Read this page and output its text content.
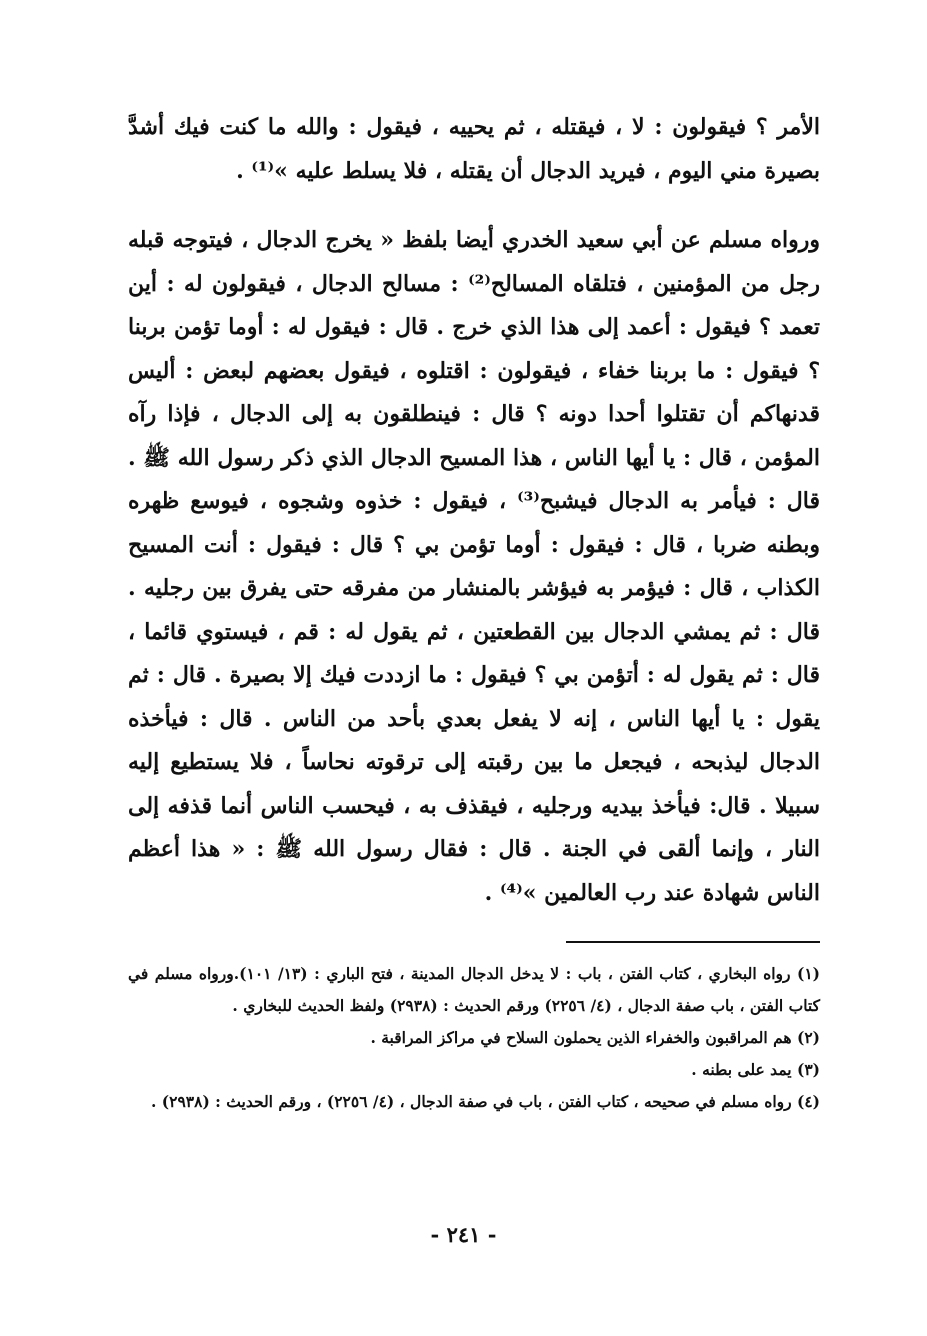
الأمر ؟ فيقولون : لا ، فيقتله ، ثم يحييه ، فيقول : والله ما كنت فيك أشدَّ بصيرة مني اليوم ، فيريد الدجال أن يقتله ، فلا يسلط عليه »⁽¹⁾ .

ورواه مسلم عن أبي سعيد الخدري أيضا بلفظ « يخرج الدجال ، فيتوجه قبله رجل من المؤمنين ، فتلقاه المسالح⁽²⁾ : مسالح الدجال ، فيقولون له : أين تعمد ؟ فيقول : أعمد إلى هذا الذي خرج . قال : فيقول له : أوما تؤمن بربنا ؟ فيقول : ما بربنا خفاء ، فيقولون : اقتلوه ، فيقول بعضهم لبعض : أليس قدنهاكم أن تقتلوا أحدا دونه ؟ قال : فينطلقون به إلى الدجال ، فإذا رآه المؤمن ، قال : يا أيها الناس ، هذا المسيح الدجال الذي ذكر رسول الله ﷺ . قال : فيأمر به الدجال فيشبح⁽³⁾ ، فيقول : خذوه وشجوه ، فيوسع ظهره وبطنه ضربا ، قال : فيقول : أوما تؤمن بي ؟ قال : فيقول : أنت المسيح الكذاب ، قال : فيؤمر به فيؤشر بالمنشار من مفرقه حتى يفرق بين رجليه . قال : ثم يمشي الدجال بين القطعتين ، ثم يقول له : قم ، فيستوي قائما ، قال : ثم يقول له : أتؤمن بي ؟ فيقول : ما ازددت فيك إلا بصيرة . قال : ثم يقول : يا أيها الناس ، إنه لا يفعل بعدي بأحد من الناس . قال : فيأخذه الدجال ليذبحه ، فيجعل ما بين رقبته إلى ترقوته نحاساً ، فلا يستطيع إليه سبيلا . قال: فيأخذ بيديه ورجليه ، فيقذف به ، فيحسب الناس أنما قذفه إلى النار ، وإنما ألقى في الجنة . قال : فقال رسول الله ﷺ : « هذا أعظم الناس شهادة عند رب العالمين »⁽⁴⁾ .

(١) رواه البخاري ، كتاب الفتن ، باب : لا يدخل الدجال المدينة ، فتح الباري : (١٣/ ١٠١).ورواه مسلم في كتاب الفتن ، باب صفة الدجال ، (٤/ ٢٢٥٦) ورقم الحديث : (٢٩٣٨) ولفظ الحديث للبخاري .

(٢) هم المراقبون والخفراء الذين يحملون السلاح في مراكز المراقبة .

(٣) يمد على بطنه .

(٤) رواه مسلم في صحيحه ، كتاب الفتن ، باب في صفة الدجال ، (٤/ ٢٢٥٦) ، ورقم الحديث : (٢٩٣٨) .

- ٢٤١ -
